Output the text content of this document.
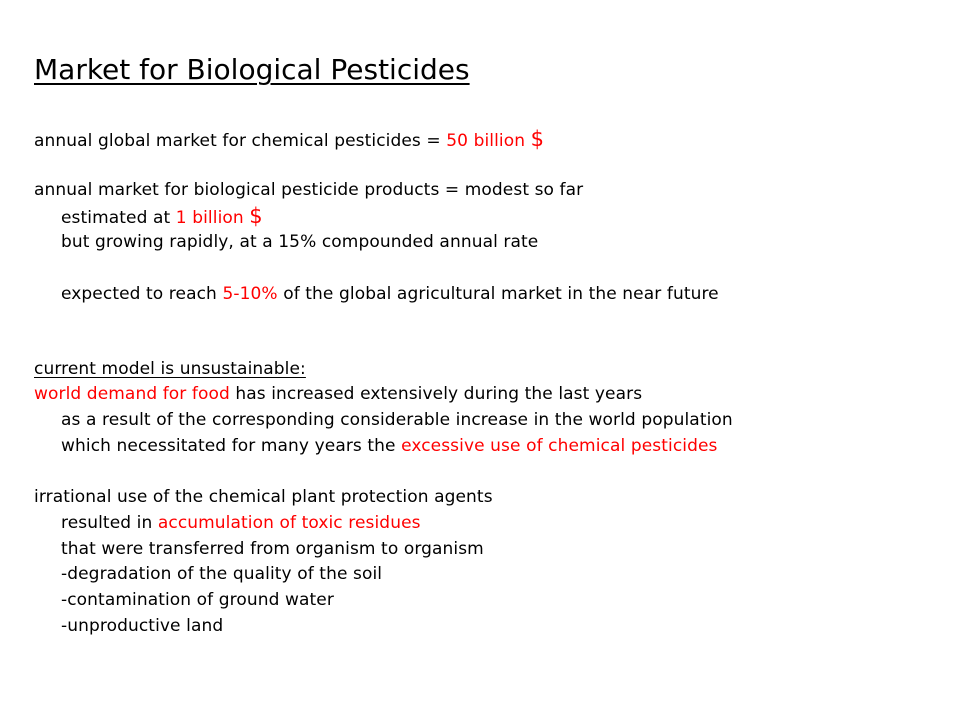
Market for Biological Pesticides
annual global market for chemical pesticides = 50 billion $
annual market for biological pesticide products = modest so far
estimated at 1 billion $
but growing rapidly, at a 15% compounded annual rate
expected to reach 5-10% of the global agricultural market in the near future
current model is unsustainable:
world demand for food has increased extensively during the last years
as a result of the corresponding considerable increase in the world population
which necessitated for many years the excessive use of chemical pesticides
irrational use of the chemical plant protection agents
resulted in accumulation of toxic residues
that were transferred from organism to organism
-degradation of the quality of the soil
-contamination of ground water
-unproductive land
